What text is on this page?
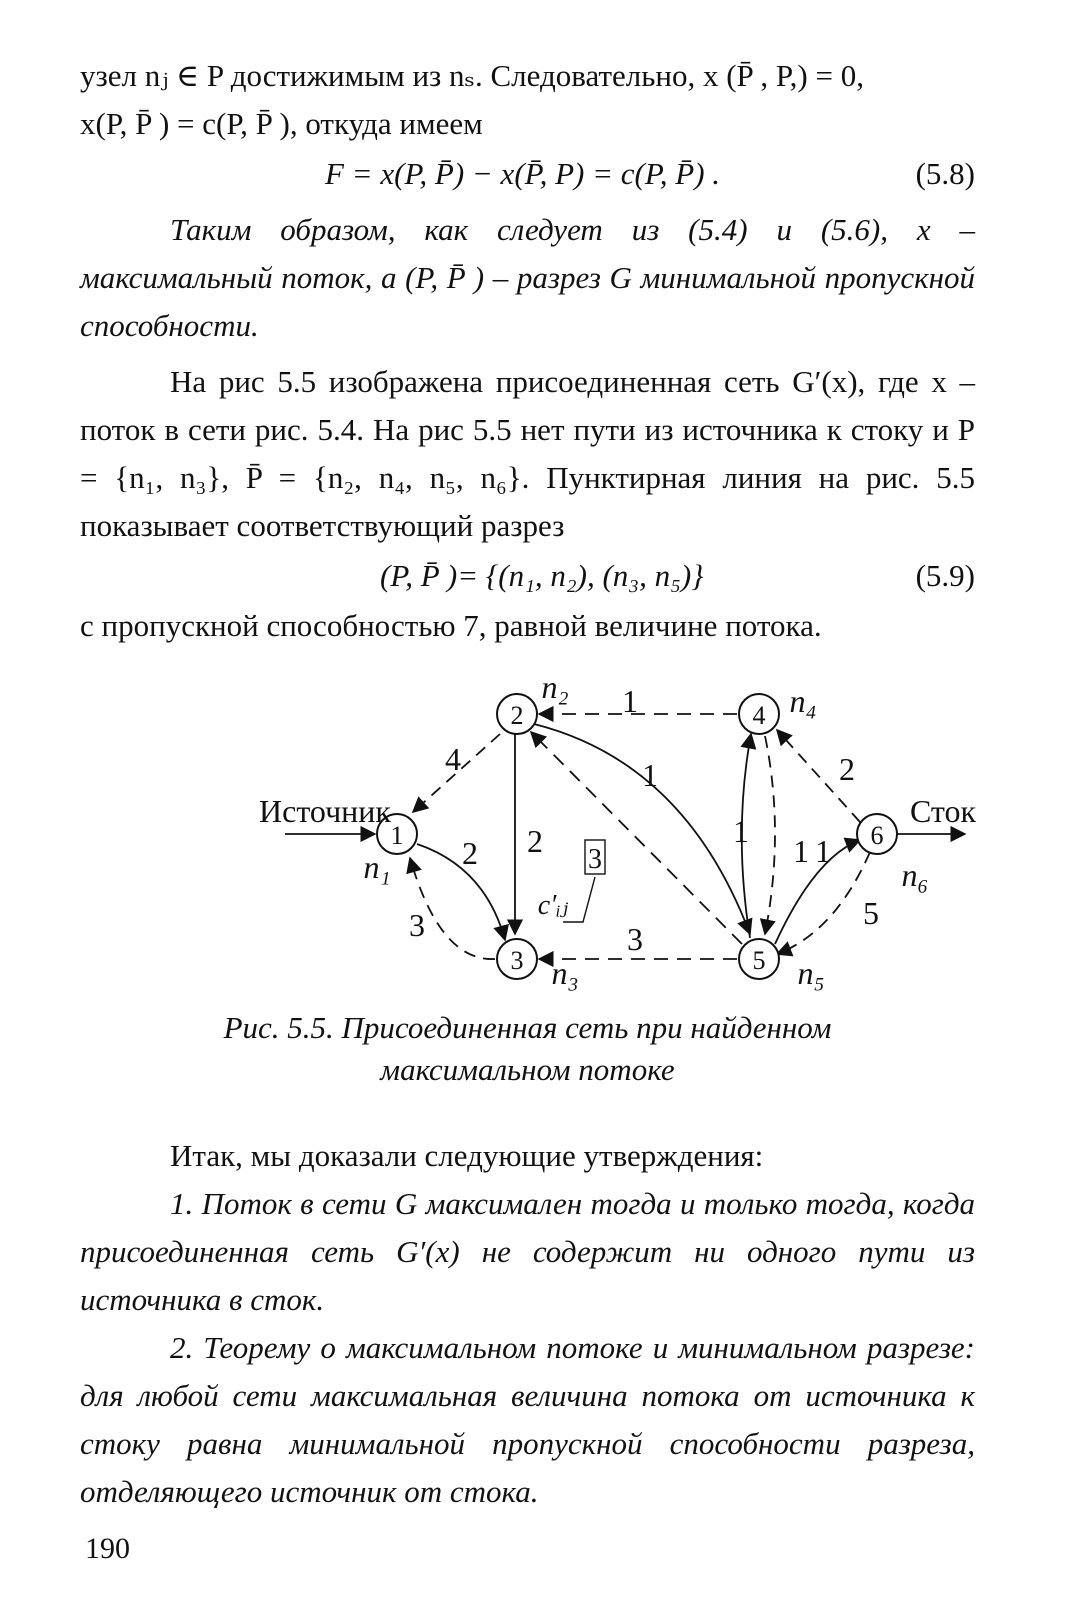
узел nⱼ ∈ P достижимым из nₛ. Следовательно, x (P̄ , P,) = 0,

x(P, P̄ ) = c(P, P̄ ), откуда имеем

F = x(P, P̄) − x(P̄, P) = c(P, P̄) .	(5.8)

Таким образом, как следует из (5.4) и (5.6), x – максимальный поток, а (P, P̄ ) – разрез G минимальной пропускной способности.

На рис 5.5 изображена присоединенная сеть G′(x), где x – поток в сети рис. 5.4. На рис 5.5 нет пути из источника к стоку и P = {n₁, n₃}, P̄ = {n₂, n₄, n₅, n₆}. Пунктирная линия на рис. 5.5 показывает соответствующий разрез

(P, P̄ )= {(n₁, n₂), (n₃, n₅)}	(5.9)

с пропускной способностью 7, равной величине потока.

1
2
3
4
5
6
n₁
n₂
n₃
n₄
n₅
n₆
Источник	Сток
4
2
3
2
1
1
3
1
1 1
2
5
3
c′ᵢⱼ
Рис. 5.5. Присоединенная сеть при найденном
максимальном потоке

Итак, мы доказали следующие утверждения:

1. Поток в сети G максимален тогда и только тогда, когда присоединенная сеть G′(x) не содержит ни одного пути из источника в сток.

2. Теорему о максимальном потоке и минимальном разрезе: для любой сети максимальная величина потока от источника к стоку равна минимальной пропускной способности разреза, отделяющего источник от стока.

190
